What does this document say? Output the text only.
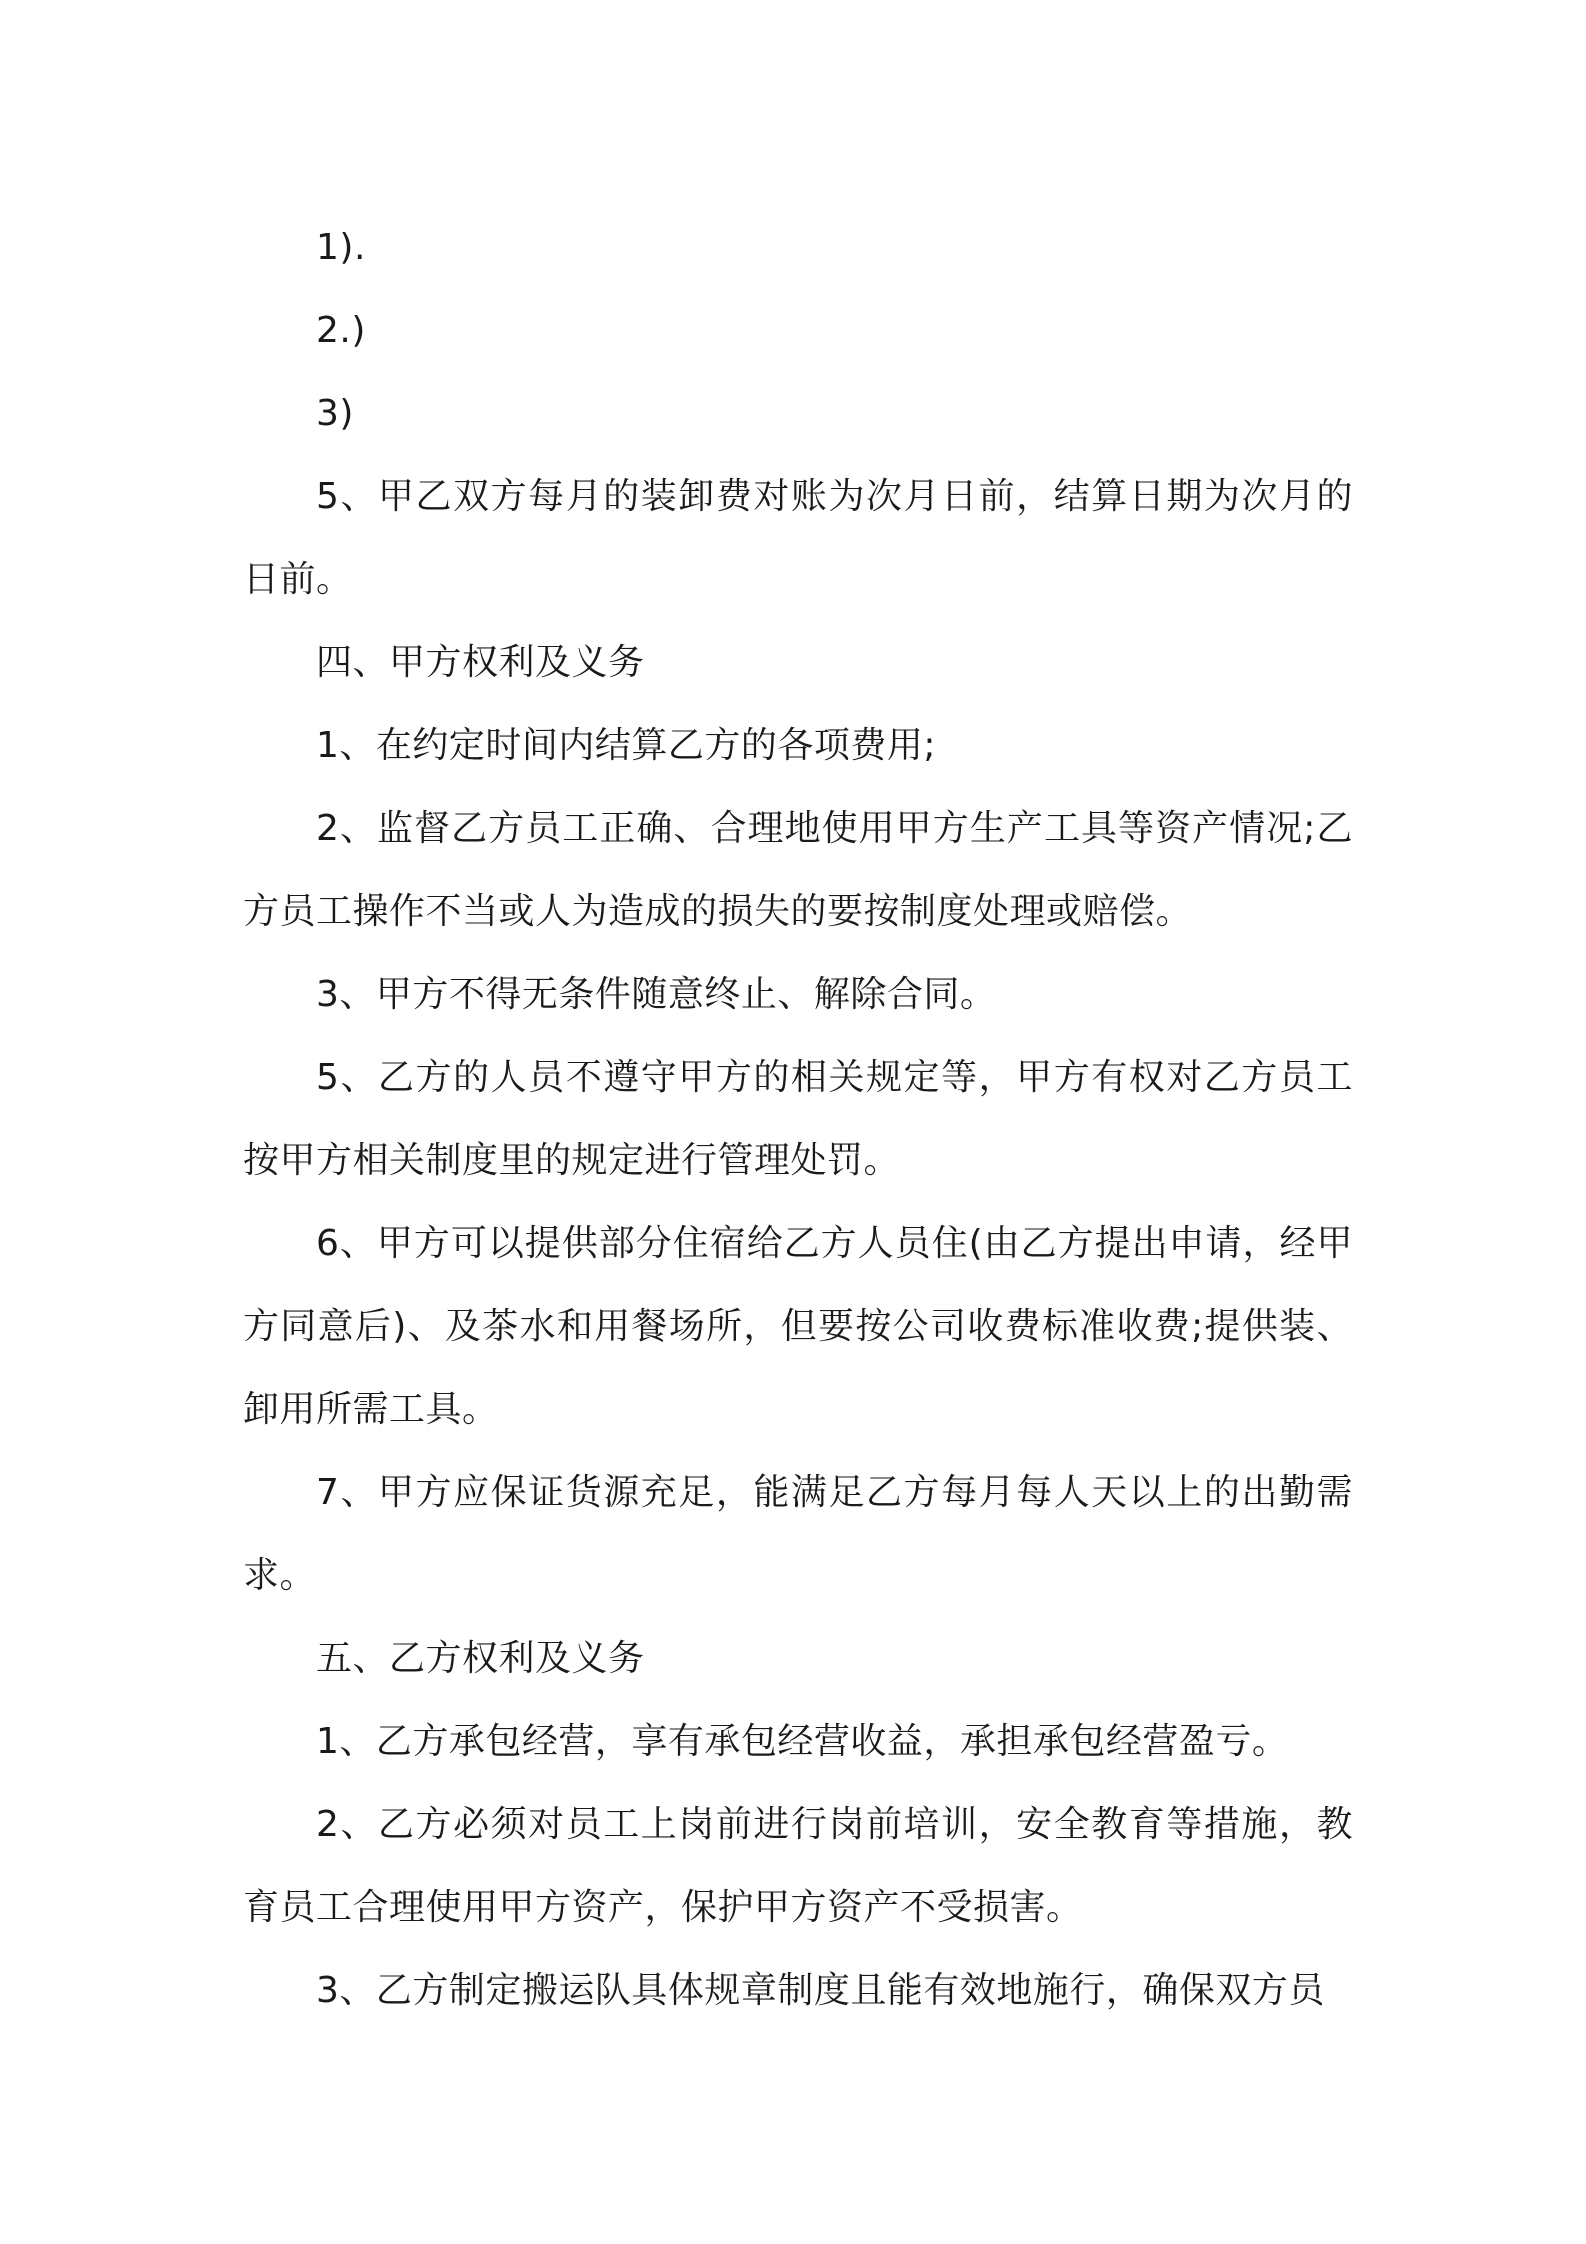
1).

2.)

3)

5、甲乙双方每月的装卸费对账为次月日前，结算日期为次月的日前。

四、甲方权利及义务

1、在约定时间内结算乙方的各项费用;

2、监督乙方员工正确、合理地使用甲方生产工具等资产情况;乙方员工操作不当或人为造成的损失的要按制度处理或赔偿。

3、甲方不得无条件随意终止、解除合同。

5、乙方的人员不遵守甲方的相关规定等，甲方有权对乙方员工按甲方相关制度里的规定进行管理处罚。

6、甲方可以提供部分住宿给乙方人员住(由乙方提出申请，经甲方同意后)、及茶水和用餐场所，但要按公司收费标准收费;提供装、卸用所需工具。

7、甲方应保证货源充足，能满足乙方每月每人天以上的出勤需求。

五、乙方权利及义务

1、乙方承包经营，享有承包经营收益，承担承包经营盈亏。

2、乙方必须对员工上岗前进行岗前培训，安全教育等措施，教育员工合理使用甲方资产，保护甲方资产不受损害。

3、乙方制定搬运队具体规章制度且能有效地施行，确保双方员
